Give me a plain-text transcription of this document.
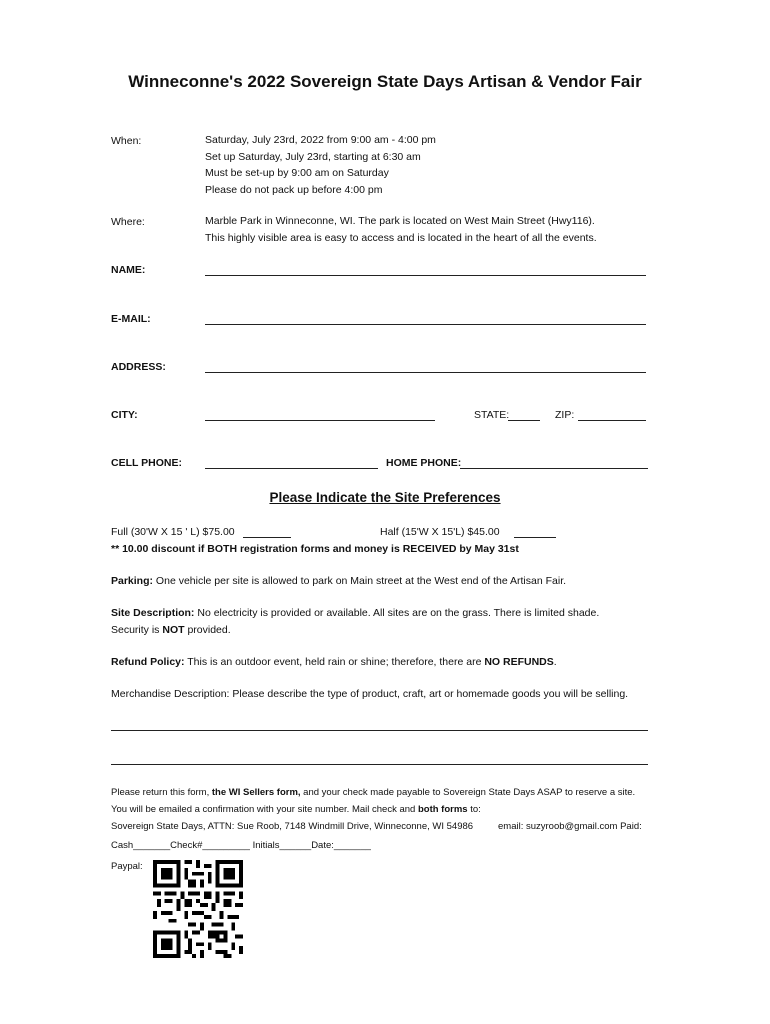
Winneconne's 2022 Sovereign State Days Artisan & Vendor Fair
When:	Saturday, July 23rd, 2022 from 9:00 am - 4:00 pm
Set up Saturday, July 23rd, starting at 6:30 am
Must be set-up by 9:00 am on Saturday
Please do not pack up before 4:00 pm
Where:	Marble Park in Winneconne, WI. The park is located on West Main Street (Hwy116).
This highly visible area is easy to access and is located in the heart of all the events.
NAME:
E-MAIL:
ADDRESS:
CITY:	STATE:	ZIP:
CELL PHONE:	HOME PHONE:
Please Indicate the Site Preferences
Full (30'W X 15 ' L) $75.00	Half (15'W X 15'L) $45.00
** 10.00 discount if BOTH registration forms and money is RECEIVED by May 31st
Parking: One vehicle per site is allowed to park on Main street at the West end of the Artisan Fair.
Site Description: No electricity is provided or available. All sites are on the grass. There is limited shade.
Security is NOT provided.
Refund Policy: This is an outdoor event, held rain or shine; therefore, there are NO REFUNDS.
Merchandise Description: Please describe the type of product, craft, art or homemade goods you will be selling.
Please return this form, the WI Sellers form, and your check made payable to Sovereign State Days ASAP to reserve a site.
You will be emailed a confirmation with your site number. Mail check and both forms to:
Sovereign State Days, ATTN: Sue Roob, 7148 Windmill Drive, Winneconne, WI 54986	email: suzyroob@gmail.com Paid:
Cash_______Check#_________ Initials______Date:_______
Paypal:
